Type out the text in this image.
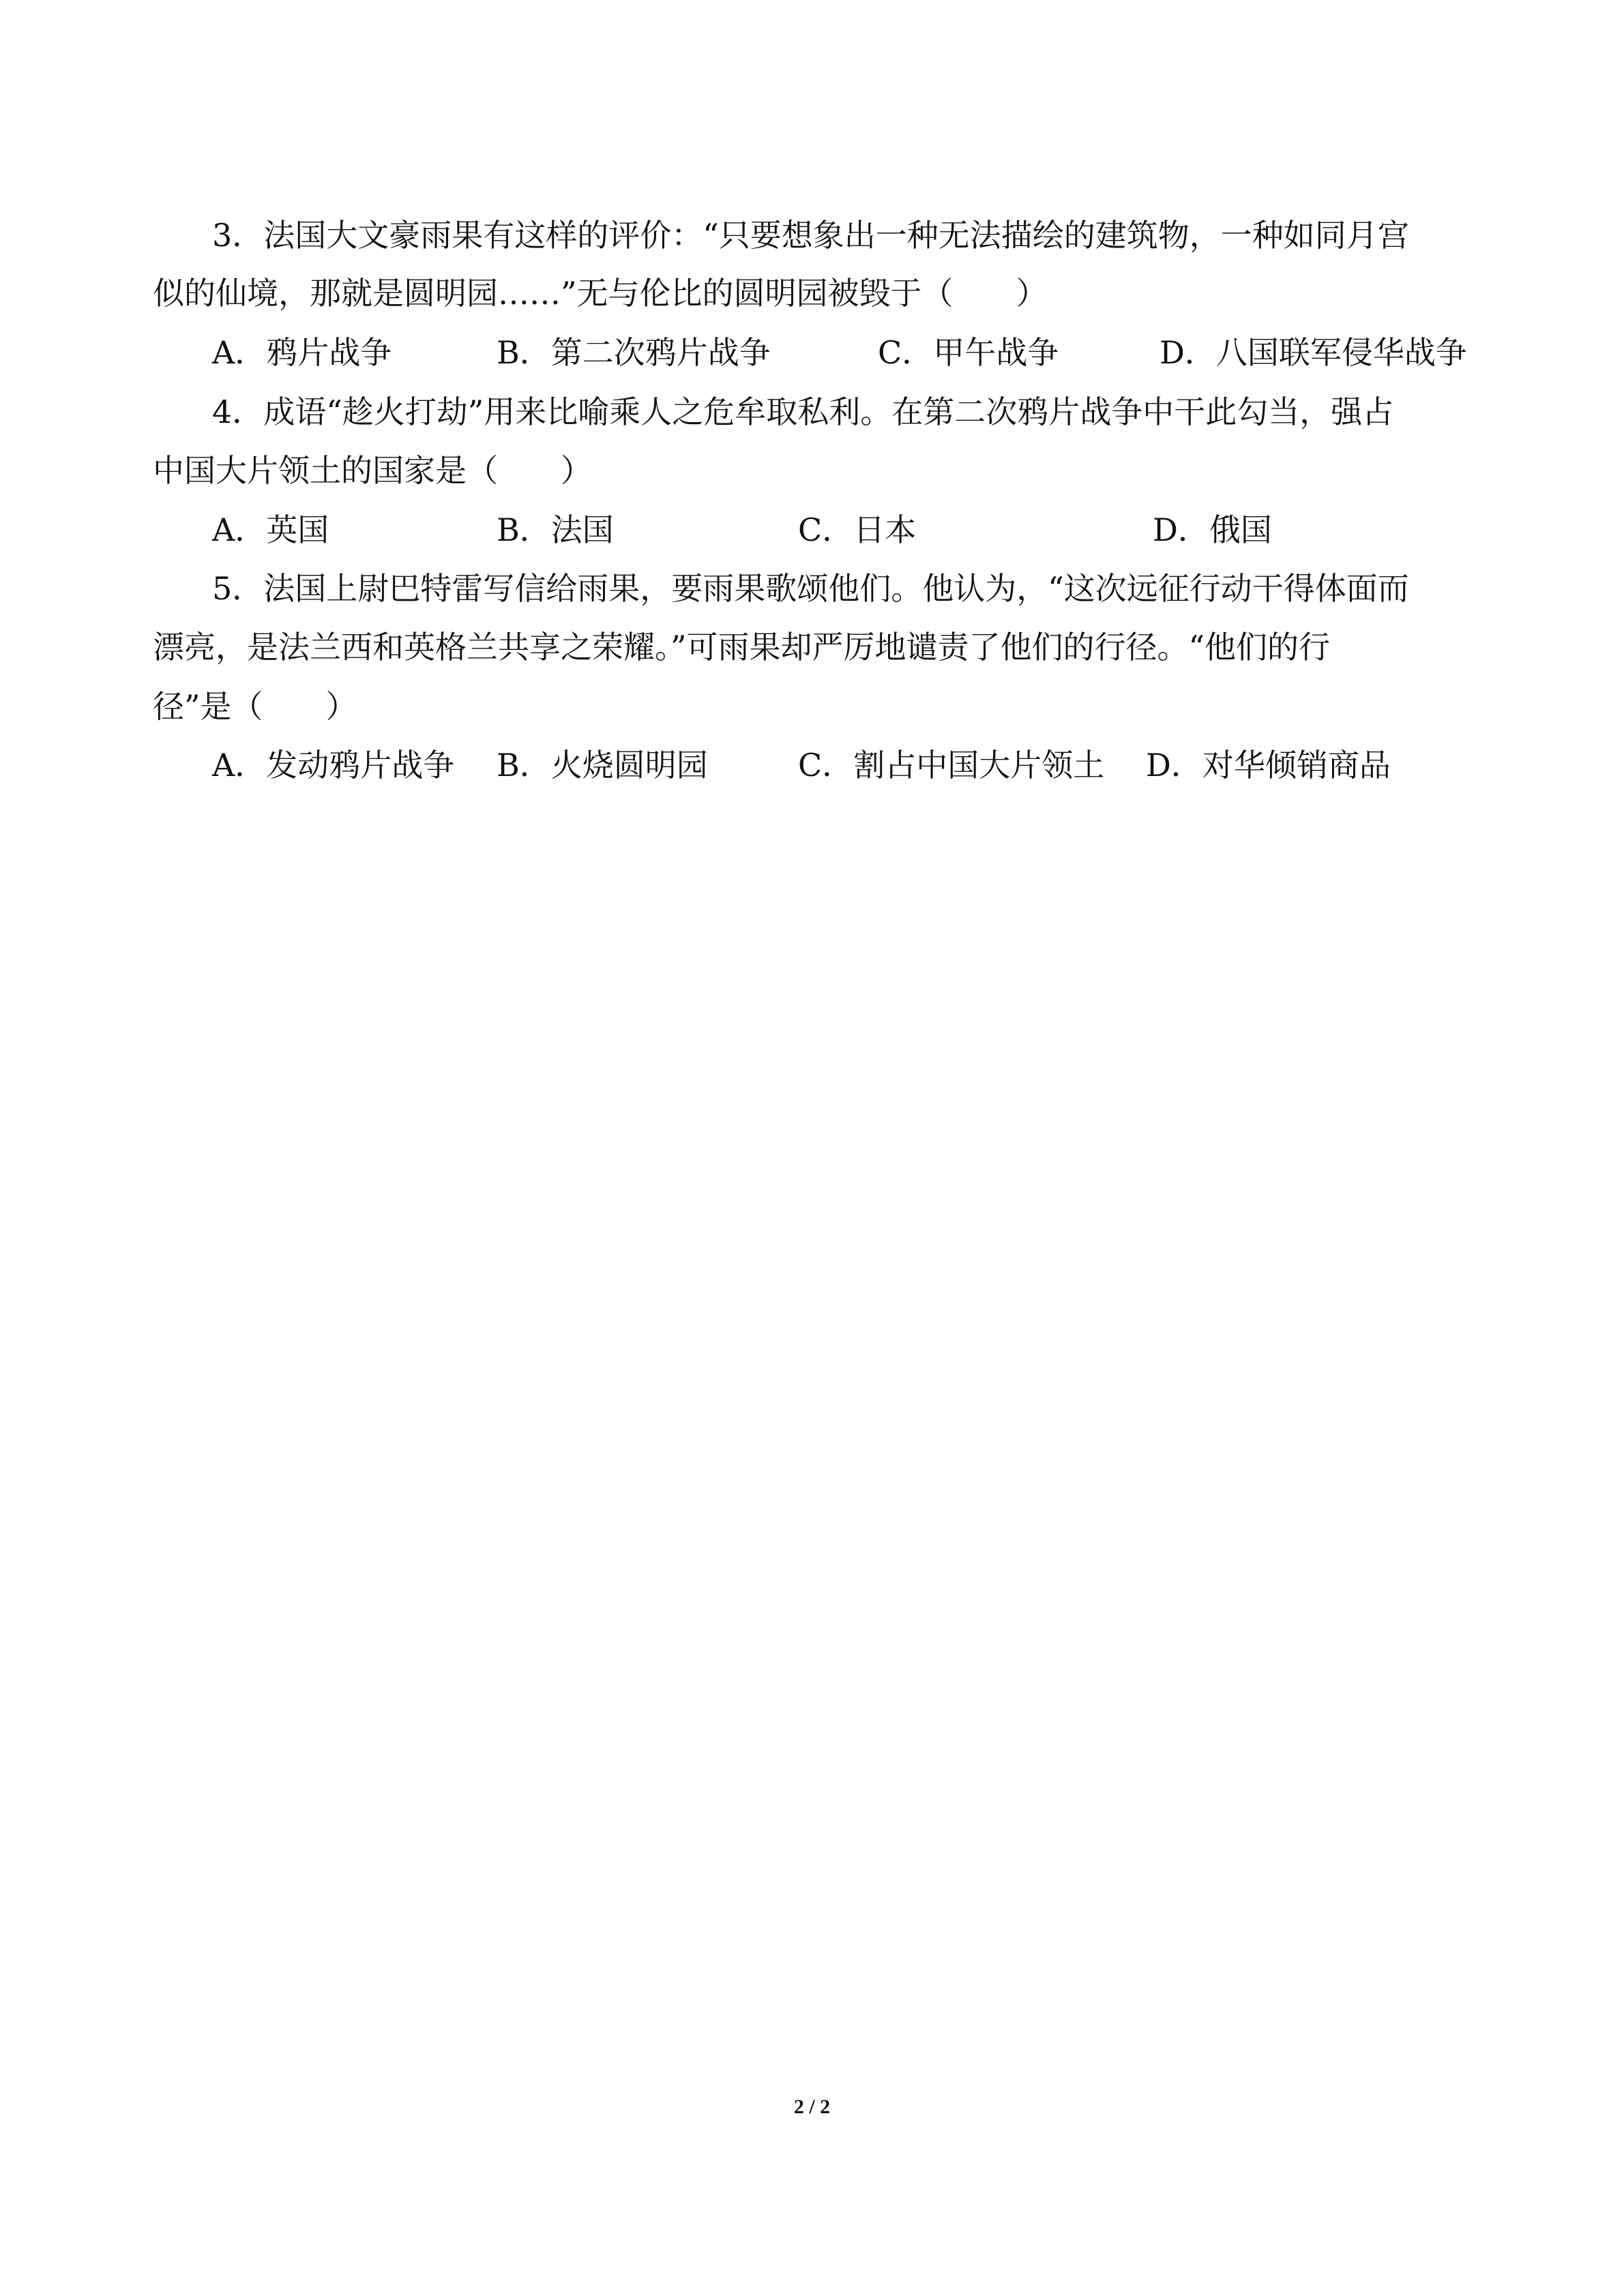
3．法国大文豪雨果有这样的评价：“只要想象出一种无法描绘的建筑物，一种如同月宫
似的仙境，那就是圆明园……”无与伦比的圆明园被毁于（　　）
A．鸦片战争	B．第二次鸦片战争	C．甲午战争	D．八国联军侵华战争
4．成语“趁火打劫”用来比喻乘人之危牟取私利。在第二次鸦片战争中干此勾当，强占
中国大片领土的国家是（　　）
A．英国	B．法国	C．日本	D．俄国
5．法国上尉巴特雷写信给雨果，要雨果歌颂他们。他认为，“这次远征行动干得体面而
漂亮，是法兰西和英格兰共享之荣耀。”可雨果却严厉地谴责了他们的行径。“他们的行
径”是（　　）
A．发动鸦片战争 B．火烧圆明园	C．割占中国大片领土 D．对华倾销商品
2 / 2
